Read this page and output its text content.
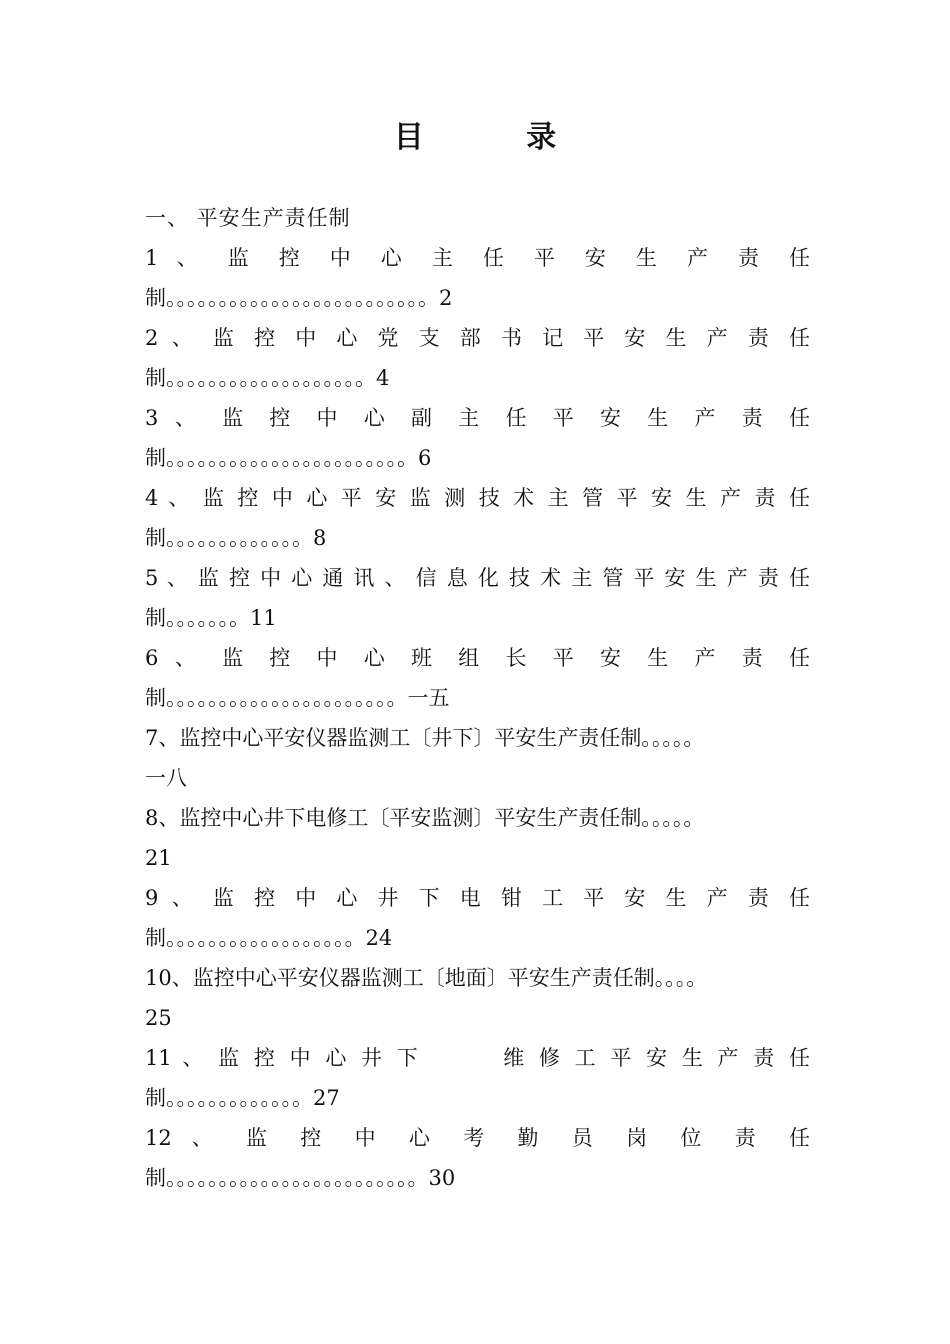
目 录
一、 平安生产责任制
1 、 监 控 中 心 主 任 平 安 生 产 责 任
制。。。。。。。。。。。。。。。。。。。。。。。。。2
2 、 监 控 中 心 党 支 部 书 记 平 安 生 产 责 任
制。。。。。。。。。。。。。。。。。。。4
3 、 监 控 中 心 副 主 任 平 安 生 产 责 任
制。。。。。。。。。。。。。。。。。。。。。。。6
4 、 监 控 中 心 平 安 监 测 技 术 主 管 平 安 生 产 责 任
制。。。。。。。。。。。。。8
5 、 监 控 中 心 通 讯 、 信 息 化 技 术 主 管 平 安 生 产 责 任
制。。。。。。。11
6 、 监 控 中 心 班 组 长 平 安 生 产 责 任
制。。。。。。。。。。。。。。。。。。。。。。一五
7、监控中心平安仪器监测工〔井下〕平安生产责任制。。。。。
一八
8、监控中心井下电修工〔平安监测〕平安生产责任制。。。。。
21
9 、 监 控 中 心 井 下 电 钳 工 平 安 生 产 责 任
制。。。。。。。。。。。。。。。。。。24
10、监控中心平安仪器监测工〔地面〕平安生产责任制。。。。
25
11 、 监 控 中 心 井 下	维 修 工 平 安 生 产 责 任
制。。。。。。。。。。。。。27
12 、 监 控 中 心 考 勤 员 岗 位 责 任
制。。。。。。。。。。。。。。。。。。。。。。。。30
